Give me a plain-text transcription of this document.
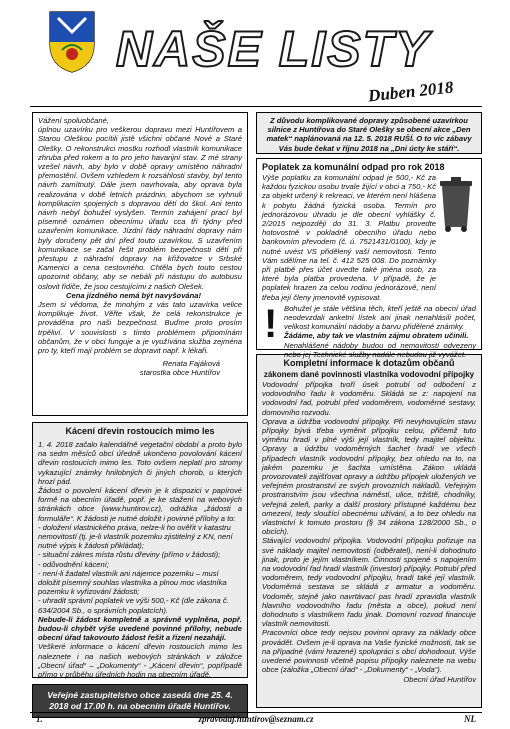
NAŠE LISTY
Duben 2018

Vážení spoluobčané,

úplnou uzavírku pro veškerou dopravu mezi Huntířovem a Starou Oleškou pocítili jistě všichni občané Nové a Staré Olešky. O rekonstrukci mostku rozhodl vlastník komunikace zhruba před rokem a to pro jeho havarijní stav. Z mé strany vzešel návrh, aby bylo v době opravy umístěno náhradní přemostění. Ovšem vzhledem k rozsáhlosti stavby, byl tento návrh zamítnutý. Dále jsem navrhovala, aby oprava byla realizována v době letních prázdnin, abychom se vyhnuli komplikacím spojených s dopravou dětí do škol. Ani tento návrh nebyl bohužel vyslyšen. Termín zahájení prací byl písemně oznámen obecnímu úřadu cca tři týdny před uzavřením komunikace. Jízdní řády náhradní dopravy nám byly doručeny pět dní před touto uzavírkou. S uzavřením komunikace se začal řešit problém bezpečnosti dětí při přestupu z náhradní dopravy na křižovatce v Srbské Kamenici a cena cestovného. Chtěla bych touto cestou upozornit občany, aby se nebáli při nástupu do autobusu oslovit řidiče, že jsou cestujícími z našich Olešek.

Cena jízdného nemá být navyšována!

Jsem si vědoma, že mnohým z vás tato uzavírka velice komplikuje život. Věřte však, že celá rekonstrukce je prováděna pro naši bezpečnost. Buďme proto prosím trpěliví. V souvislosti s tímto problémem připomínám občanům, že v obci funguje a je využívána služba zejména pro ty, kteří mají problém se dopravit např. k lékaři.

Renata Fajáková

starostka obce Huntířov

Kácení dřevin rostoucích mimo les

1. 4. 2018 začalo kalendářně vegetační období a proto bylo na sedm měsíců obcí úředně ukončeno povolování kácení dřevin rostoucích mimo les. Toto ovšem neplatí pro stromy vykazující známky hnilobných či jiných chorob, u kterých hrozí pád.

Žádost o povolení kácení dřevin je k dispozici v papírové formě na obecním úřadě, popř. je ke stažení na webových stránkách obce (www.huntirov.cz), odrážka „žádosti a formuláře“. K žádosti je nutné doložit i povinné přílohy a to:

- doložení vlastnického práva, nelze-li ho ověřit v katastru nemovitostí (tj. je-li vlastník pozemku zjistitelný z KN, není nutné výpis k žádosti přikládat);

- situační zákres místa růstu dřeviny (přímo v žádosti);

- odůvodnění kácení;

- není-li žadatel vlastník ani nájemce pozemku – musí doložit písemný souhlas vlastníka a plnou moc vlastníka pozemku k vyřizování žádosti;

- uhradit správní poplatek ve výši 500,- Kč (dle zákona č. 634/2004 Sb., o správních poplatcích).

Nebude-li žádost kompletně a správně vyplněna, popř. budou-li chybět výše uvedené povinné přílohy, nebude obecní úřad takovouto žádost řešit a řízení nezahájí.

Veškeré informace o kácení dřevin rostoucích mimo les naleznete i na našich webových stránkách v záložce „Obecní úřad“ – „Dokumenty“ - „Kácení dřevin“, popřípadě přímo v průběhu úředních hodin na obecním úřadě.

Veřejné zastupitelstvo obce zasedá dne 25. 4. 2018 od 17.00 h. na obecním úřadě Huntířov.
Z důvodu komplikované dopravy způsobené uzavírkou silnice z Huntířova do Staré Olešky se obecní akce „Den matek“ naplánovaná na 12. 5. 2018 RUŠÍ. O to víc zábavy Vás bude čekat v říjnu 2018 na „Dni úcty ke stáří“.

Poplatek za komunální odpad pro rok 2018

Výše poplatku za komunální odpad je 500,- Kč za každou fyzickou osobu trvale žijící v obci a 750,- Kč za objekt určený k rekreaci, ve kterém není hlášena k pobytu žádná fyzická osoba. Termín pro jednorázovou úhradu je dle obecní vyhlášky č. 2/2015 nejpozději do 31. 3. Platbu provedte hotovostně v pokladně obecního úřadu nebo bankovním převodem (č. ú. 7521431/0100), kdy je nutné uvést VS přidělený vaší nemovitosti. Tento Vám sdělíme na tel. č. 412 525 008. Do poznámky při platbě přes účet uvedte také jména osob, za které byla platba provedena. V případě, že je poplatek hrazen za celou rodinu jednorázově, není třeba její členy jmenovitě vypisovat.

! Bohužel je stále většina těch, kteří ještě na obecní úřad neodevzdali anketní lístek ani jinak nenahlásili počet, velikost komunální nádoby a barvu přidělené známky.

Žádáme, aby tak ve vlastním zájmu obratem učinili.

Nenahlášené nádoby budou od nemovitostí odvezeny nebo jej Technické služby nadále nebudou již vyvážet.

Kompletní informace k dotazům občanů

zákonem dané povinnosti vlastníka vodovodní přípojky

Vodovodní přípojka tvoří úsek potrubí od odbočení z vodovodního řadu k vodoměru. Skládá se z: napojení na vodovodní řad, potrubí před vodoměrem, vodoměrné sestavy, domovního rozvodu.

Oprava a údržba vodovodní přípojky. Při nevyhovujícím stavu přípojky bývá třeba vyměnit přípojku celou, přičemž tuto výměnu hradí v plné výši její vlastník, tedy majitel objektu. Opravy a údržbu vodoměrných šachet hradí ve všech případech vlastník vodovodní přípojky, bez ohledu na to, na jakém pozemku je šachta umístěna. Zákon ukládá provozovateli zajišťovat opravy a údržbu přípojek uložených ve veřejném prostranství ze svých provozních nákladů. Veřejným prostranstvím jsou všechna náměstí, ulice, tržiště, chodníky, veřejná zeleň, parky a další prostory přístupné každému bez omezení, tedy sloužící obecnému užívání, a to bez ohledu na vlastnictví k tomuto prostoru (§ 34 zákona 128/2000 Sb., o obcích).

Stávající vodovodní přípojka. Vodovodní přípojku pořizuje na své náklady majitel nemovitosti (odběratel), není-li dohodnuto jinak, proto je jejím vlastníkem. Činnosti spojené s napojením na vodovodní řad hradí vlastník (investor) přípojky. Potrubí před vodoměrem, tedy vodovodní přípojku, hradí také její vlastník. Vodoměrná sestava se skládá z armatur a vodoměru. Vodoměr, stejně jako navrtávací pas hradí zpravidla vlastník hlavního vodovodního řadu (města a obce), pokud není dohodnuto s vlastníkem řadu jinak. Domovní rozvod financuje vlastník nemovitosti.

Pracovníci obce tedy nejsou povinni opravy za náklady obce provádět. Ovšem je-li oprava na Vaše fyzické možnosti, tak se na případné (vámi hrazené) spolupráci s obcí dohodnout. Výše uvedené povinnosti včetně popisu přípojky naleznete na webu obce (záložka „Obecní úřad“ - „Dokumenty“ - „Voda“).

Obecní úřad Huntířov

1.	zpravodaj.huntirov@seznam.cz	NL
